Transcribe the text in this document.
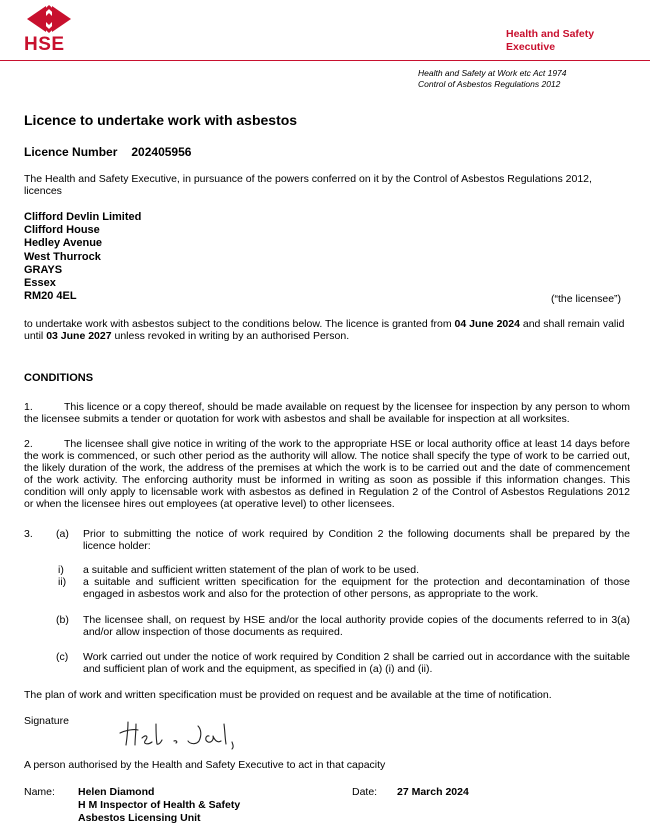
HSE	Health and Safety
Executive
Health and Safety at Work etc Act 1974
Control of Asbestos Regulations 2012
Licence to undertake work with asbestos
Licence Number 202405956

The Health and Safety Executive, in pursuance of the powers conferred on it by the Control of Asbestos Regulations 2012, licences

Clifford Devlin Limited
Clifford House
Hedley Avenue
West Thurrock
GRAYS
Essex
RM20 4EL	(“the licensee”)

to undertake work with asbestos subject to the conditions below. The licence is granted from 04 June 2024 and shall remain valid until 03 June 2027 unless revoked in writing by an authorised Person.

CONDITIONS

1.	This licence or a copy thereof, should be made available on request by the licensee for inspection by any person to whom the licensee submits a tender or quotation for work with asbestos and shall be available for inspection at all worksites.

2.	The licensee shall give notice in writing of the work to the appropriate HSE or local authority office at least 14 days before the work is commenced, or such other period as the authority will allow. The notice shall specify the type of work to be carried out, the likely duration of the work, the address of the premises at which the work is to be carried out and the date of commencement of the work activity. The enforcing authority must be informed in writing as soon as possible if this information changes. This condition will only apply to licensable work with asbestos as defined in Regulation 2 of the Control of Asbestos Regulations 2012 or when the licensee hires out employees (at operative level) to other licensees.

3. (a) Prior to submitting the notice of work required by Condition 2 the following documents shall be prepared by the licence holder:

i) a suitable and sufficient written statement of the plan of work to be used.

ii) a suitable and sufficient written specification for the equipment for the protection and decontamination of those engaged in asbestos work and also for the protection of other persons, as appropriate to the work.

(b) The licensee shall, on request by HSE and/or the local authority provide copies of the documents referred to in 3(a) and/or allow inspection of those documents as required.

(c) Work carried out under the notice of work required by Condition 2 shall be carried out in accordance with the suitable and sufficient plan of work and the equipment, as specified in (a) (i) and (ii).

The plan of work and written specification must be provided on request and be available at the time of notification.

Signature
A person authorised by the Health and Safety Executive to act in that capacity
Name: Helen Diamond
H M Inspector of Health & Safety
Asbestos Licensing Unit
Date: 27 March 2024
